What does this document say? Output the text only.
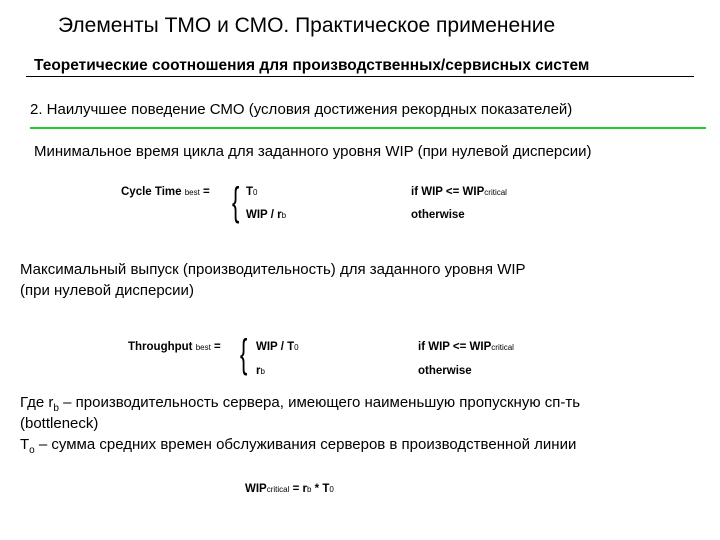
Элементы ТМО и СМО. Практическое применение
Теоретические соотношения для производственных/сервисных систем
2. Наилучшее поведение СМО (условия достижения рекордных показателей)
Минимальное время цикла для заданного уровня WIP (при нулевой дисперсии)
Cycle Time best = { T0	if WIP <= WIPcritical
WIP / rb	otherwise
Максимальный выпуск (производительность) для заданного уровня WIP
(при нулевой дисперсии)
Throughput best = { WIP / T0	if WIP <= WIPcritical
rb	otherwise
Где $r_b$ – производительность сервера, имеющего наименьшую пропускную сп-ть
(bottleneck)
$T_o$ – сумма средних времен обслуживания серверов в производственной линии
WIPcritical = rb * T0
